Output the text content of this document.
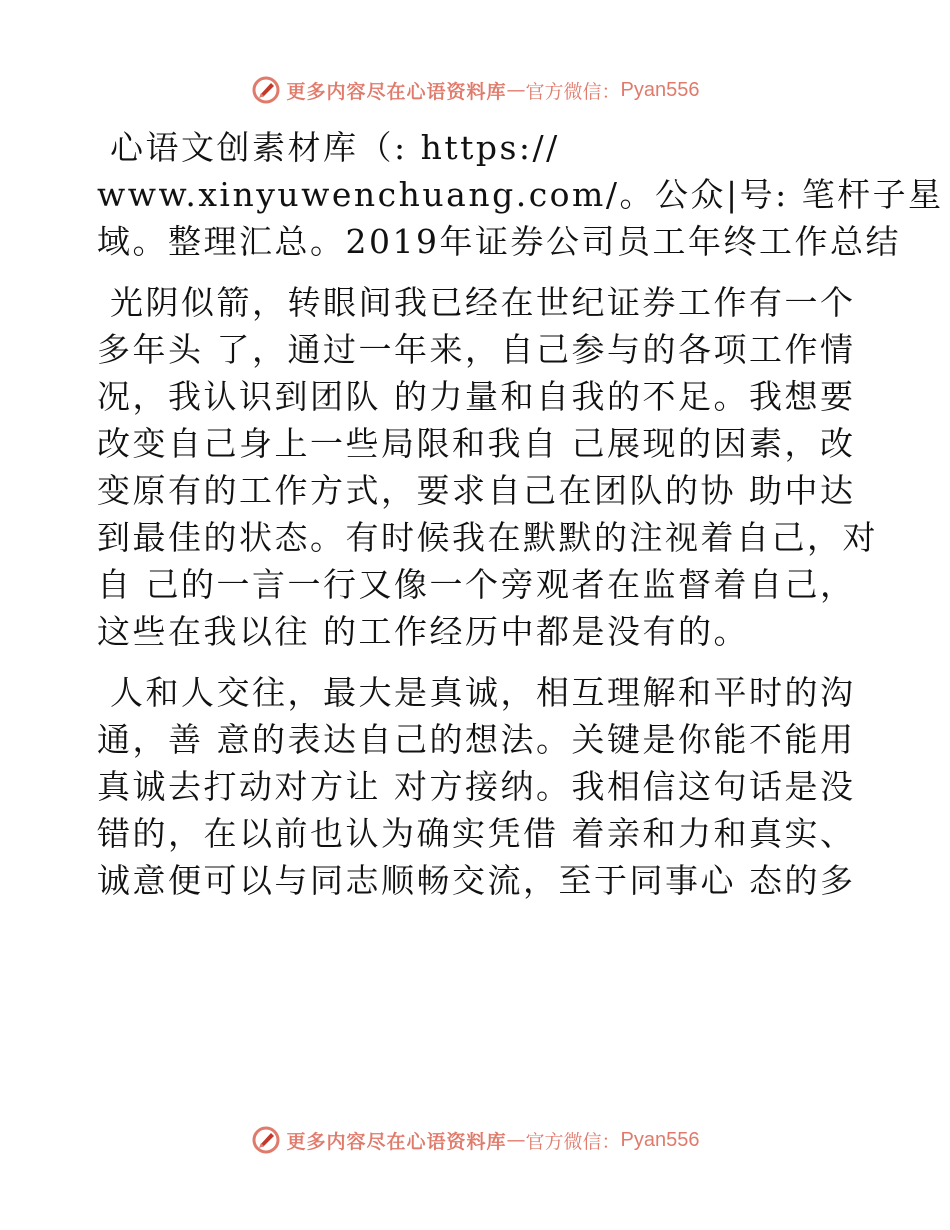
更多内容尽在心语资料库 — 官方微信： Pyan556
心语文创素材库（: https://
www.xinyuwenchuang.com/。公众|号: 笔杆子星
域。整理汇总。2019年证券公司员工年终工作总结
光阴似箭，转眼间我已经在世纪证券工作有一个
多年头 了，通过一年来，自己参与的各项工作情
况，我认识到团队 的力量和自我的不足。我想要
改变自己身上一些局限和我自 己展现的因素，改
变原有的工作方式，要求自己在团队的协 助中达
到最佳的状态。有时候我在默默的注视着自己，对
自 己的一言一行又像一个旁观者在监督着自己，
这些在我以往 的工作经历中都是没有的。
人和人交往，最大是真诚，相互理解和平时的沟
通，善 意的表达自己的想法。关键是你能不能用
真诚去打动对方让 对方接纳。我相信这句话是没
错的，在以前也认为确实凭借 着亲和力和真实、
诚意便可以与同志顺畅交流，至于同事心 态的多
更多内容尽在心语资料库 — 官方微信： Pyan556
